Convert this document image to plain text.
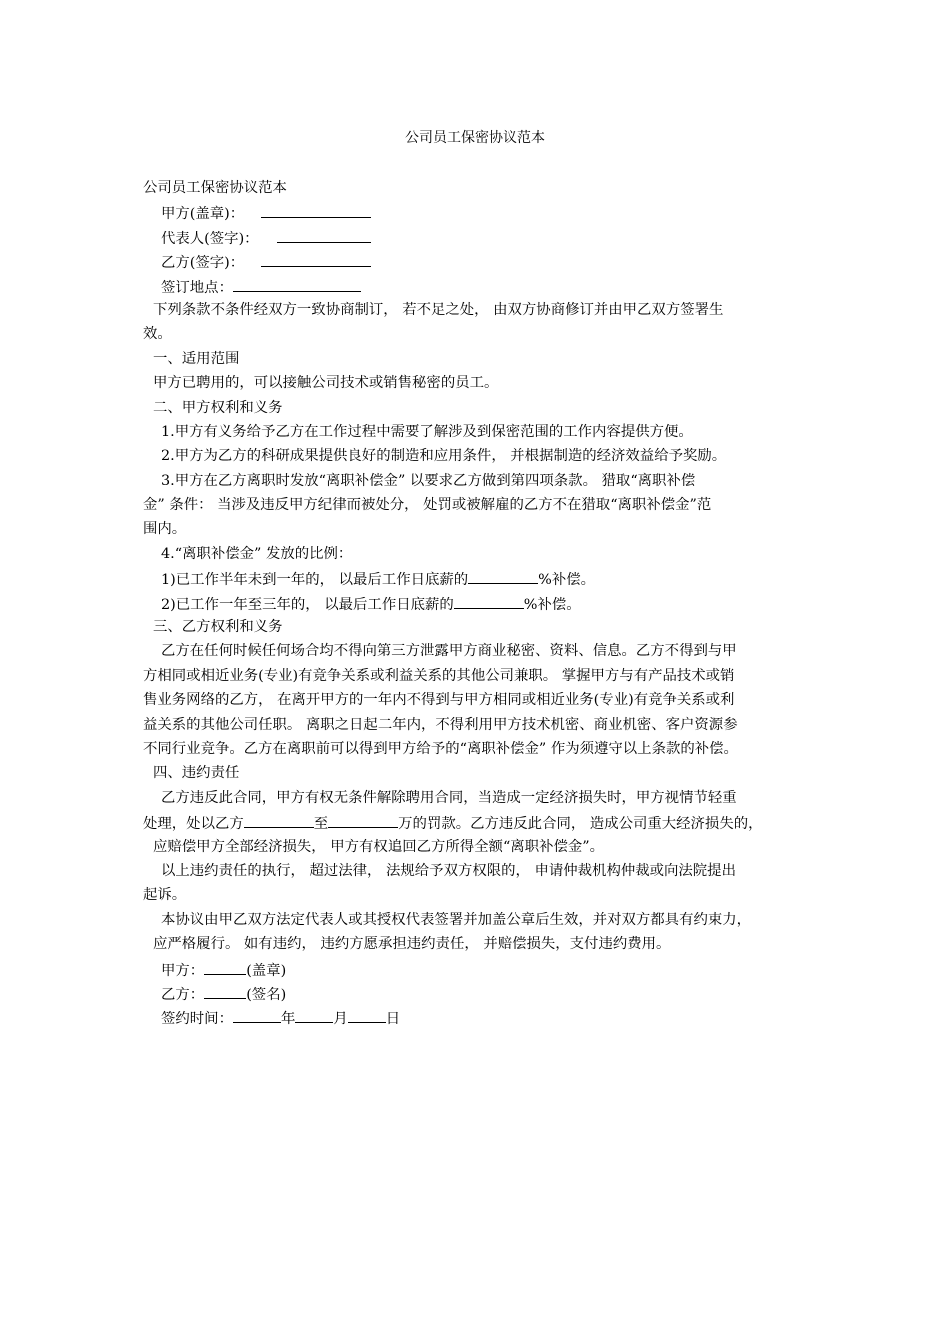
公司员工保密协议范本
公司员工保密协议范本
甲方(盖章)：
代表人(签字)：
乙方(签字)：
签订地点：
下列条款不条件经双方一致协商制订， 若不足之处， 由双方协商修订并由甲乙双方签署生
效。
一、适用范围
甲方已聘用的，可以接触公司技术或销售秘密的员工。
二、甲方权利和义务
1.甲方有义务给予乙方在工作过程中需要了解涉及到保密范围的工作内容提供方便。
2.甲方为乙方的科研成果提供良好的制造和应用条件， 并根据制造的经济效益给予奖励。
3.甲方在乙方离职时发放“离职补偿金” 以要求乙方做到第四项条款。 猎取“离职补偿
金” 条件： 当涉及违反甲方纪律而被处分， 处罚或被解雇的乙方不在猎取“离职补偿金”范
围内。
4.“离职补偿金” 发放的比例：
1)已工作半年未到一年的， 以最后工作日底薪的	%补偿。
2)已工作一年至三年的， 以最后工作日底薪的	%补偿。
三、乙方权利和义务
乙方在任何时候任何场合均不得向第三方泄露甲方商业秘密、资料、信息。乙方不得到与甲
方相同或相近业务(专业)有竞争关系或利益关系的其他公司兼职。 掌握甲方与有产品技术或销
售业务网络的乙方， 在离开甲方的一年内不得到与甲方相同或相近业务(专业)有竞争关系或利
益关系的其他公司任职。 离职之日起二年内，不得利用甲方技术机密、商业机密、客户资源参
不同行业竞争。乙方在离职前可以得到甲方给予的“离职补偿金” 作为须遵守以上条款的补偿。
四、违约责任
乙方违反此合同，甲方有权无条件解除聘用合同，当造成一定经济损失时，甲方视情节轻重
处理，处以乙方	至	万的罚款。乙方违反此合同， 造成公司重大经济损失的，
应赔偿甲方全部经济损失， 甲方有权追回乙方所得全额“离职补偿金”。
以上违约责任的执行， 超过法律， 法规给予双方权限的， 申请仲裁机构仲裁或向法院提出
起诉。
本协议由甲乙双方法定代表人或其授权代表签署并加盖公章后生效，并对双方都具有约束力，
应严格履行。 如有违约， 违约方愿承担违约责任， 并赔偿损失，支付违约费用。
甲方：	(盖章)
乙方：	(签名)
签约时间：	年	月	日
